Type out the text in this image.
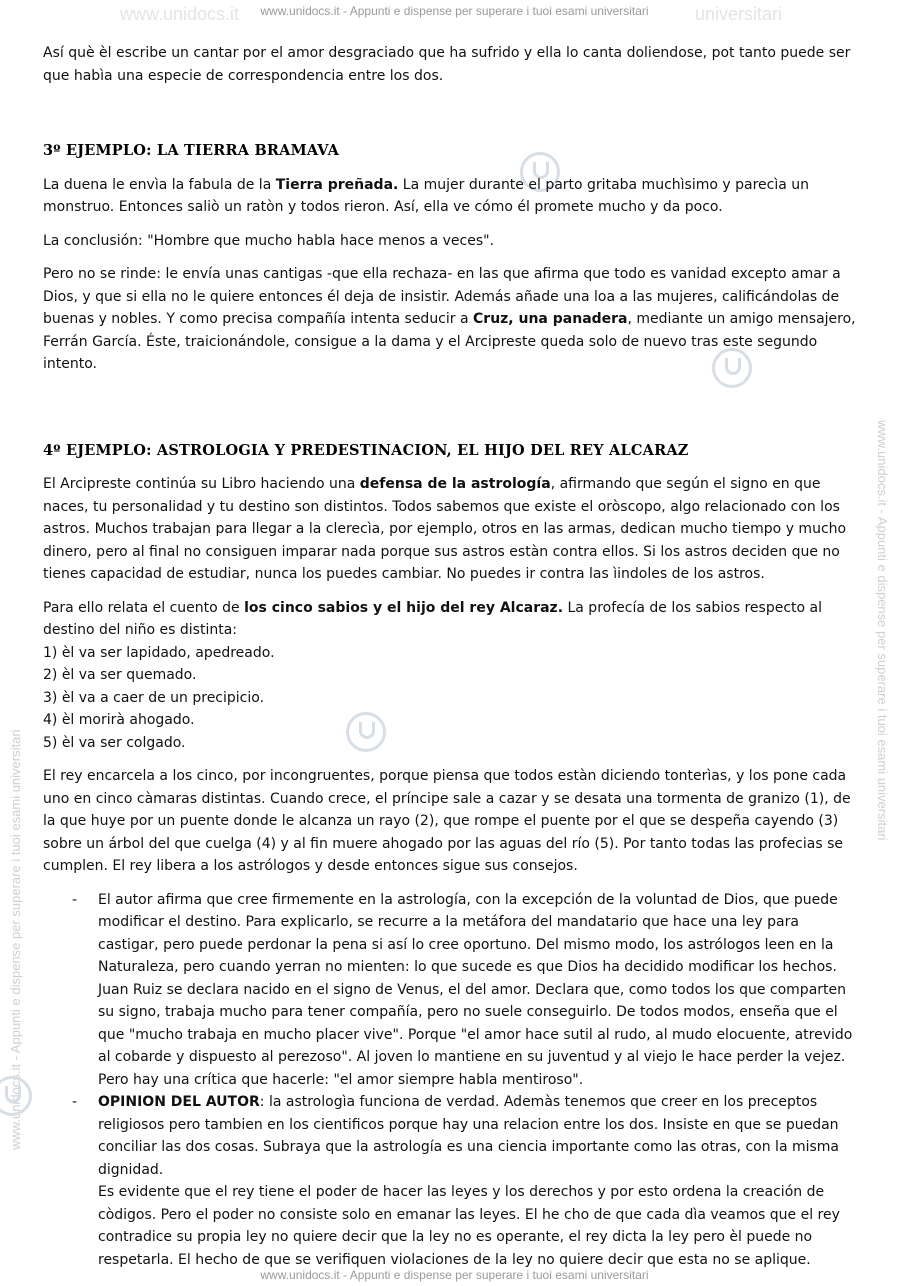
www.unidocs.it - Appunti e dispense per superare i tuoi esami universitari
www.unidocs.it	universitari
www.unidocs.it - Appunti e dispense per superare i tuoi esami universitari
www.unidocs.it - Appunti e dispense per superare i tuoi esami universitari
www.unidocs.it - Appunti e dispense per superare i tuoi esami universitari

Así què èl escribe un cantar por el amor desgraciado que ha sufrido y ella lo canta doliendose, pot tanto puede ser que habìa una especie de correspondencia entre los dos.

3º EJEMPLO: LA TIERRA BRAMAVA

La duena le envìa la fabula de la Tierra preñada. La mujer durante el parto gritaba muchìsimo y parecìa un monstruo. Entonces saliò un ratòn y todos rieron. Así, ella ve cómo él promete mucho y da poco.

La conclusión: "Hombre que mucho habla hace menos a veces".

Pero no se rinde: le envía unas cantigas -que ella rechaza- en las que afirma que todo es vanidad excepto amar a Dios, y que si ella no le quiere entonces él deja de insistir. Además añade una loa a las mujeres, calificándolas de buenas y nobles. Y como precisa compañía intenta seducir a Cruz, una panadera, mediante un amigo mensajero, Ferrán García. Éste, traicionándole, consigue a la dama y el Arcipreste queda solo de nuevo tras este segundo intento.

4º EJEMPLO: ASTROLOGIA Y PREDESTINACION, EL HIJO DEL REY ALCARAZ

El Arcipreste continúa su Libro haciendo una defensa de la astrología, afirmando que según el signo en que naces, tu personalidad y tu destino son distintos. Todos sabemos que existe el oròscopo, algo relacionado con los astros. Muchos trabajan para llegar a la clerecìa, por ejemplo, otros en las armas, dedican mucho tiempo y mucho dinero, pero al final no consiguen imparar nada porque sus astros estàn contra ellos. Si los astros deciden que no tienes capacidad de estudiar, nunca los puedes cambiar. No puedes ir contra las ìindoles de los astros.

Para ello relata el cuento de los cinco sabios y el hijo del rey Alcaraz. La profecía de los sabios respecto al destino del niño es distinta:

1) èl va ser lapidado, apedreado.
2) èl va ser quemado.
3) èl va a caer de un precipicio.
4) èl morirà ahogado.
5) èl va ser colgado.

El rey encarcela a los cinco, por incongruentes, porque piensa que todos estàn diciendo tonterìas, y los pone cada uno en cinco càmaras distintas. Cuando crece, el príncipe sale a cazar y se desata una tormenta de granizo (1), de la que huye por un puente donde le alcanza un rayo (2), que rompe el puente por el que se despeña cayendo (3) sobre un árbol del que cuelga (4) y al fin muere ahogado por las aguas del río (5). Por tanto todas las profecias se cumplen. El rey libera a los astrólogos y desde entonces sigue sus consejos.

- El autor afirma que cree firmemente en la astrología, con la excepción de la voluntad de Dios, que puede modificar el destino. Para explicarlo, se recurre a la metáfora del mandatario que hace una ley para castigar, pero puede perdonar la pena si así lo cree oportuno. Del mismo modo, los astrólogos leen en la Naturaleza, pero cuando yerran no mienten: lo que sucede es que Dios ha decidido modificar los hechos.
Juan Ruiz se declara nacido en el signo de Venus, el del amor. Declara que, como todos los que comparten su signo, trabaja mucho para tener compañía, pero no suele conseguirlo. De todos modos, enseña que el que "mucho trabaja en mucho placer vive". Porque "el amor hace sutil al rudo, al mudo elocuente, atrevido al cobarde y dispuesto al perezoso". Al joven lo mantiene en su juventud y al viejo le hace perder la vejez. Pero hay una crítica que hacerle: "el amor siempre habla mentiroso".
- OPINION DEL AUTOR: la astrologìa funciona de verdad. Ademàs tenemos que creer en los preceptos religiosos pero tambien en los cientificos porque hay una relacion entre los dos. Insiste en que se puedan conciliar las dos cosas. Subraya que la astrología es una ciencia importante como las otras, con la misma dignidad.
Es evidente que el rey tiene el poder de hacer las leyes y los derechos y por esto ordena la creación de còdigos. Pero el poder no consiste solo en emanar las leyes. El he cho de que cada dìa veamos que el rey contradice su propia ley no quiere decir que la ley no es operante, el rey dicta la ley pero èl puede no respetarla. El hecho de que se verifiquen violaciones de la ley no quiere decir que esta no se aplique.
